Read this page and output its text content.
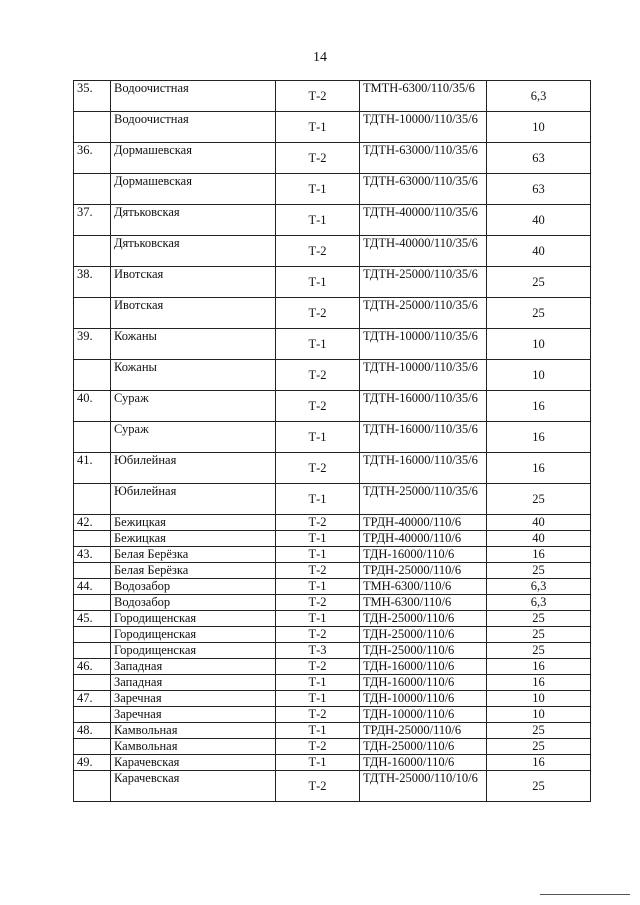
14
35.	Водоочистная	Т-2	ТМТН-6300/110/35/6	6,3
	Водоочистная	Т-1	ТДТН-10000/110/35/6	10
36.	Дормашевская	Т-2	ТДТН-63000/110/35/6	63
	Дормашевская	Т-1	ТДТН-63000/110/35/6	63
37.	Дятьковская	Т-1	ТДТН-40000/110/35/6	40
	Дятьковская	Т-2	ТДТН-40000/110/35/6	40
38.	Ивотская	Т-1	ТДТН-25000/110/35/6	25
	Ивотская	Т-2	ТДТН-25000/110/35/6	25
39.	Кожаны	Т-1	ТДТН-10000/110/35/6	10
	Кожаны	Т-2	ТДТН-10000/110/35/6	10
40.	Сураж	Т-2	ТДТН-16000/110/35/6	16
	Сураж	Т-1	ТДТН-16000/110/35/6	16
41.	Юбилейная	Т-2	ТДТН-16000/110/35/6	16
	Юбилейная	Т-1	ТДТН-25000/110/35/6	25
42.	Бежицкая	Т-2	ТРДН-40000/110/6	40
	Бежицкая	Т-1	ТРДН-40000/110/6	40
43.	Белая Берёзка	Т-1	ТДН-16000/110/6	16
	Белая Берёзка	Т-2	ТРДН-25000/110/6	25
44.	Водозабор	Т-1	ТМН-6300/110/6	6,3
	Водозабор	Т-2	ТМН-6300/110/6	6,3
45.	Городищенская	Т-1	ТДН-25000/110/6	25
	Городищенская	Т-2	ТДН-25000/110/6	25
	Городищенская	Т-3	ТДН-25000/110/6	25
46.	Западная	Т-2	ТДН-16000/110/6	16
	Западная	Т-1	ТДН-16000/110/6	16
47.	Заречная	Т-1	ТДН-10000/110/6	10
	Заречная	Т-2	ТДН-10000/110/6	10
48.	Камвольная	Т-1	ТРДН-25000/110/6	25
	Камвольная	Т-2	ТДН-25000/110/6	25
49.	Карачевская	Т-1	ТДН-16000/110/6	16
	Карачевская	Т-2	ТДТН-25000/110/10/6	25
